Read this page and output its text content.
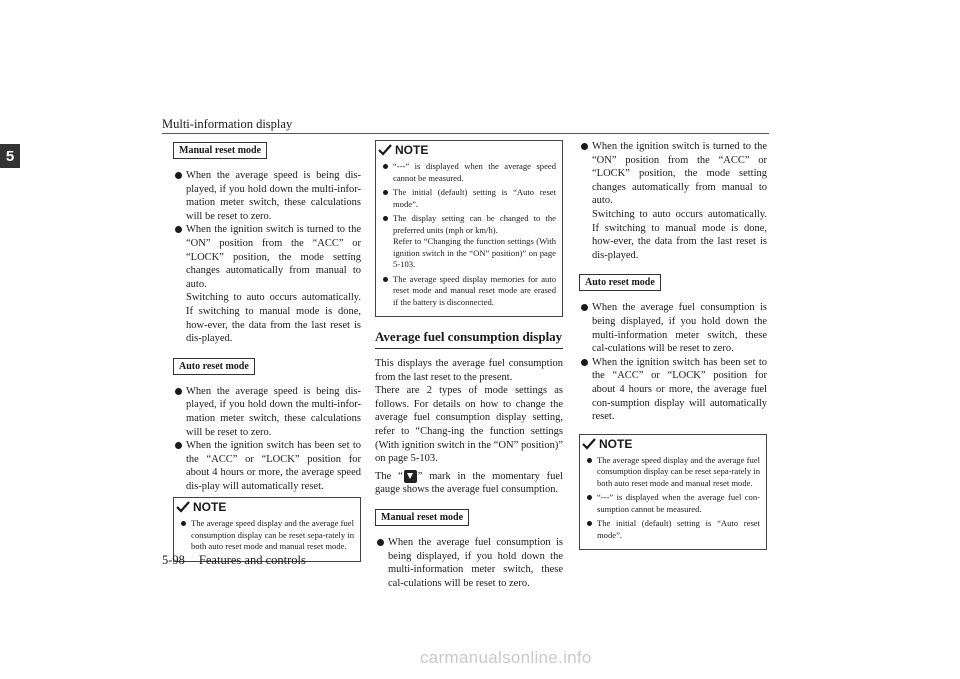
Multi-information display
5	Manual reset mode
When the average speed is being dis-played, if you hold down the multi-infor-mation meter switch, these calculations will be reset to zero.
When the ignition switch is turned to the “ON” position from the “ACC” or “LOCK” position, the mode setting changes automatically from manual to auto.
Switching to auto occurs automatically. If switching to manual mode is done, how-ever, the data from the last reset is dis-played.
Auto reset mode
When the average speed is being dis-played, if you hold down the multi-infor-mation meter switch, these calculations will be reset to zero.
When the ignition switch has been set to the “ACC” or “LOCK” position for about 4 hours or more, the average speed dis-play will automatically reset.
NOTE
The average speed display and the average fuel consumption display can be reset sepa-rately in both auto reset mode and manual reset mode.
NOTE
“---” is displayed when the average speed cannot be measured.
The initial (default) setting is “Auto reset mode”.
The display setting can be changed to the preferred units (mph or km/h).
Refer to “Changing the function settings (With ignition switch in the “ON” position)” on page 5-103.
The average speed display memories for auto reset mode and manual reset mode are erased if the battery is disconnected.
Average fuel consumption display

This displays the average fuel consumption from the last reset to the present.

There are 2 types of mode settings as follows. For details on how to change the average fuel consumption display setting, refer to “Chang-ing the function settings (With ignition switch in the “ON” position)” on page 5-103.

The “ ” mark in the momentary fuel gauge shows the average fuel consumption.

Manual reset mode
When the average fuel consumption is being displayed, if you hold down the multi-information meter switch, these cal-culations will be reset to zero.
When the ignition switch is turned to the “ON” position from the “ACC” or “LOCK” position, the mode setting changes automatically from manual to auto.
Switching to auto occurs automatically. If switching to manual mode is done, how-ever, the data from the last reset is dis-played.
Auto reset mode
When the average fuel consumption is being displayed, if you hold down the multi-information meter switch, these cal-culations will be reset to zero.
When the ignition switch has been set to the “ACC” or “LOCK” position for about 4 hours or more, the average fuel con-sumption display will automatically reset.
NOTE
The average speed display and the average fuel consumption display can be reset sepa-rately in both auto reset mode and manual reset mode.
“---” is displayed when the average fuel con-sumption cannot be measured.
The initial (default) setting is “Auto reset mode”.
5-98 Features and controls
carmanualsonline.info
